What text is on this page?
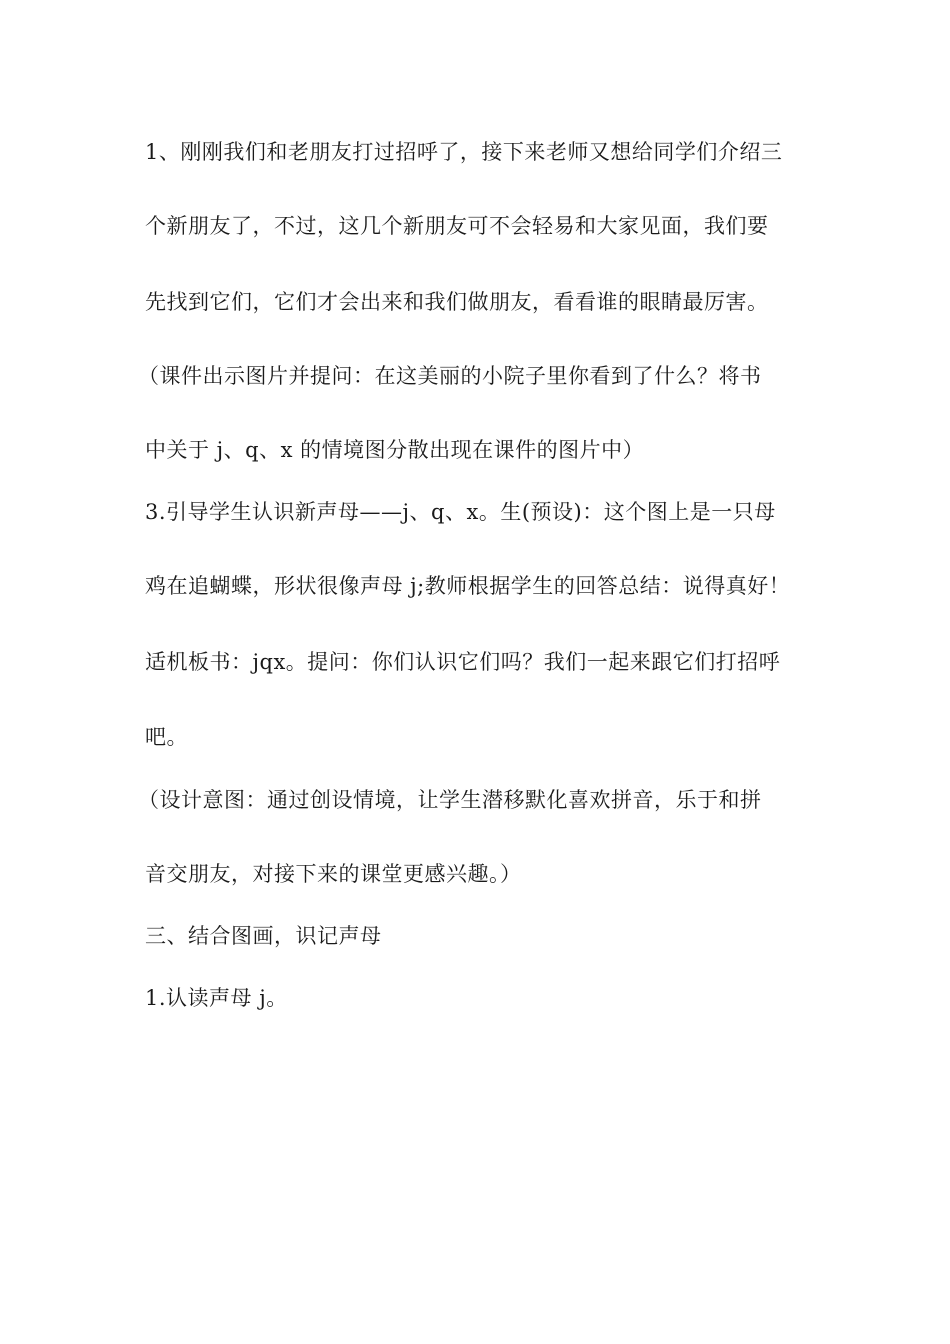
1、刚刚我们和老朋友打过招呼了，接下来老师又想给同学们介绍三
个新朋友了，不过，这几个新朋友可不会轻易和大家见面，我们要
先找到它们，它们才会出来和我们做朋友，看看谁的眼睛最厉害。
（课件出示图片并提问：在这美丽的小院子里你看到了什么？将书
中关于 j、q、x 的情境图分散出现在课件的图片中）
3.引导学生认识新声母——j、q、x。生(预设)：这个图上是一只母
鸡在追蝴蝶，形状很像声母 j;教师根据学生的回答总结：说得真好！
适机板书：jqx。提问：你们认识它们吗？我们一起来跟它们打招呼
吧。
（设计意图：通过创设情境，让学生潜移默化喜欢拼音，乐于和拼
音交朋友，对接下来的课堂更感兴趣。）
三、结合图画，识记声母
1.认读声母 j。
